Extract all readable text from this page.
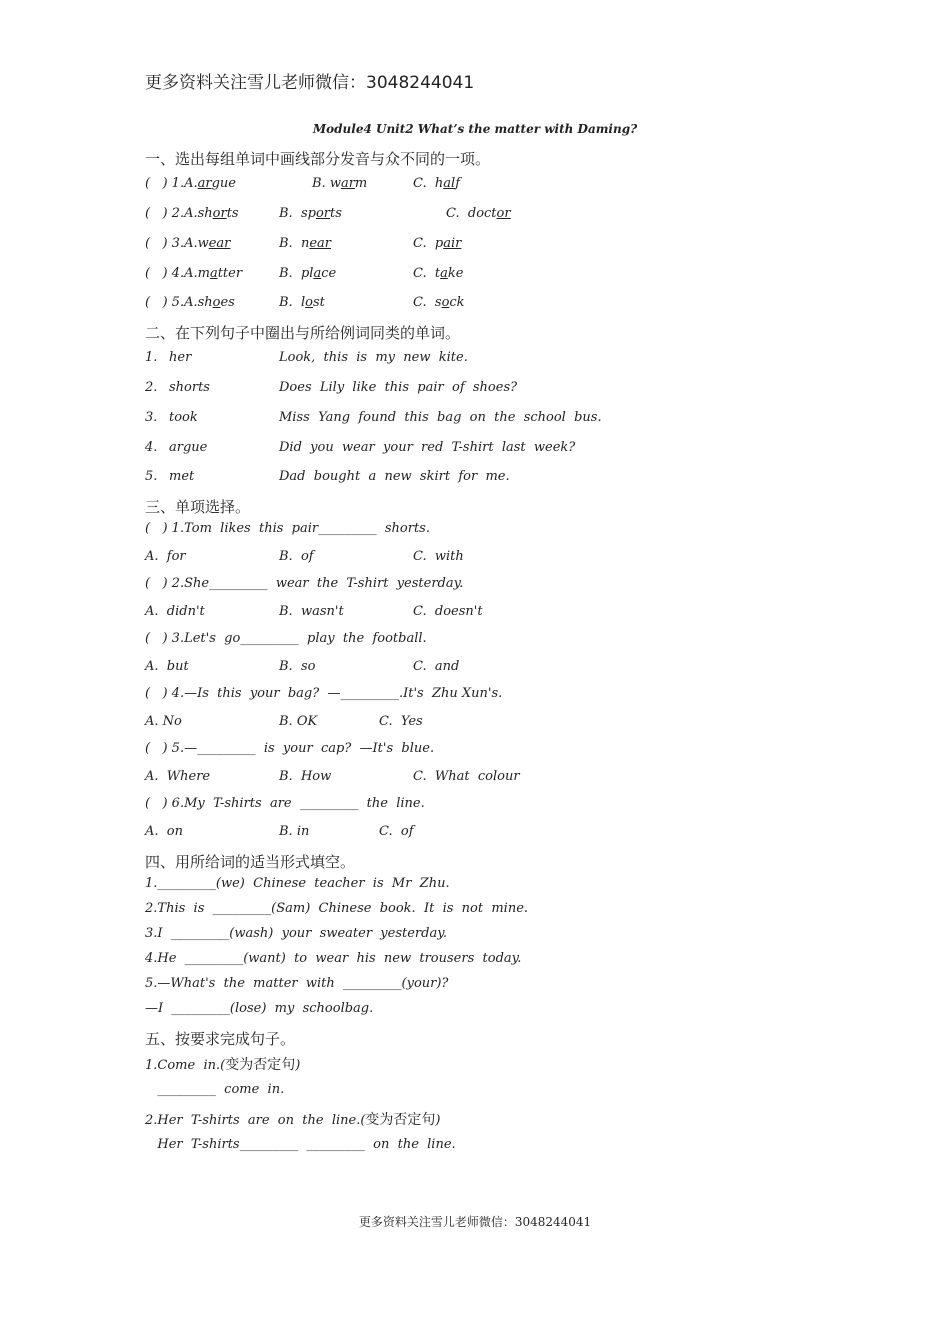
更多资料关注雪儿老师微信：3048244041
Module4 Unit2 What’s the matter with Daming?
一、选出每组单词中画线部分发音与众不同的一项。
(   ) 1.A.argue	B. warm	C.  half
(   ) 2.A.shorts	B.  sports	C.  doctor
(   ) 3.A.wear	B.  near	C.  pair
(   ) 4.A.matter	B.  place	C.  take
(   ) 5.A.shoes	B.  lost	C.  sock
二、在下列句子中圈出与所给例词同类的单词。
1. her	Look,  this  is  my  new  kite.
2. shorts	Does  Lily  like  this  pair  of  shoes?
3. took	Miss  Yang  found  this  bag  on  the  school  bus.
4. argue	Did  you  wear  your  red  T-shirt  last  week?
5. met	Dad  bought  a  new  skirt  for  me.
三、单项选择。
(   ) 1.Tom  likes  this  pair_________  shorts.
A.  for	B.  of	C.  with
(   ) 2.She_________  wear  the  T-shirt  yesterday.
A.  didn't	B.  wasn't	C.  doesn't
(   ) 3.Let's  go_________  play  the  football.
A.  but	B.  so	C.  and
(   ) 4.—Is  this  your  bag?  —_________.It's  Zhu Xun's.
A. No	B. OK	C.  Yes
(   ) 5.—_________  is  your  cap?  —It's  blue.
A.  Where	B.  How	C.  What  colour
(   ) 6.My  T-shirts  are  _________  the  line.
A.  on	B. in	C.  of
四、用所给词的适当形式填空。
1._________(we)  Chinese  teacher  is  Mr  Zhu.
2.This  is  _________(Sam)  Chinese  book.  It  is  not  mine.
3.I  _________(wash)  your  sweater  yesterday.
4.He  _________(want)  to  wear  his  new  trousers  today.
5.—What's  the  matter  with  _________(your)?
—I  _________(lose)  my  schoolbag.
五、按要求完成句子。
1.Come  in.(变为否定句)
_________  come  in.
2.Her  T-shirts  are  on  the  line.(变为否定句)
Her  T-shirts_________  _________  on  the  line.
更多资料关注雪儿老师微信：3048244041
